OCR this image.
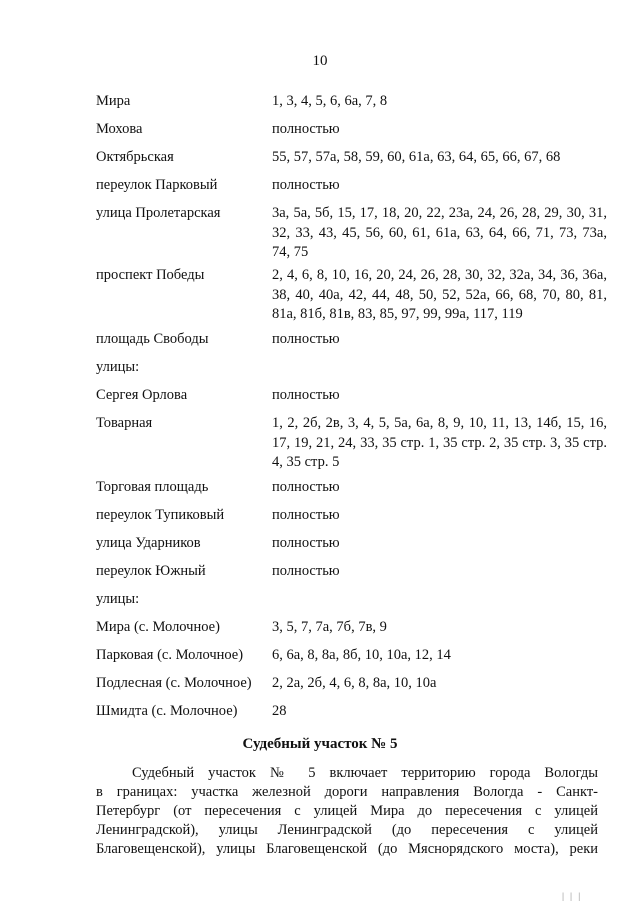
10
Мира	1, 3, 4, 5, 6, 6а, 7, 8
Мохова	полностью
Октябрьская	55, 57, 57а, 58, 59, 60, 61а, 63, 64, 65, 66, 67, 68
переулок Парковый	полностью
улица Пролетарская	3а, 5а, 5б, 15, 17, 18, 20, 22, 23а, 24, 26, 28, 29, 30, 31, 32, 33, 43, 45, 56, 60, 61, 61а, 63, 64, 66, 71, 73, 73а, 74, 75
проспект Победы	2, 4, 6, 8, 10, 16, 20, 24, 26, 28, 30, 32, 32а, 34, 36, 36а, 38, 40, 40а, 42, 44, 48, 50, 52, 52а, 66, 68, 70, 80, 81, 81а, 81б, 81в, 83, 85, 97, 99, 99а, 117, 119
площадь Свободы	полностью
улицы:
Сергея Орлова	полностью
Товарная	1, 2, 2б, 2в, 3, 4, 5, 5а, 6а, 8, 9, 10, 11, 13, 14б, 15, 16, 17, 19, 21, 24, 33, 35 стр. 1, 35 стр. 2, 35 стр. 3, 35 стр. 4, 35 стр. 5
Торговая площадь	полностью
переулок Тупиковый	полностью
улица Ударников	полностью
переулок Южный	полностью
улицы:
Мира (с. Молочное)	3, 5, 7, 7а, 7б, 7в, 9
Парковая (с. Молочное)	6, 6а, 8, 8а, 8б, 10, 10а, 12, 14
Подлесная (с. Молочное)	2, 2а, 2б, 4, 6, 8, 8а, 10, 10а
Шмидта (с. Молочное)	28
Судебный участок № 5
Судебный участок № 5 включает территорию города Вологды
в границах: участка железной дороги направления Вологда - Санкт-
Петербург (от пересечения с улицей Мира до пересечения с улицей
Ленинградской), улицы Ленинградской (до пересечения с улицей
Благовещенской), улицы Благовещенской (до Мяснорядского моста), реки
​| | |
